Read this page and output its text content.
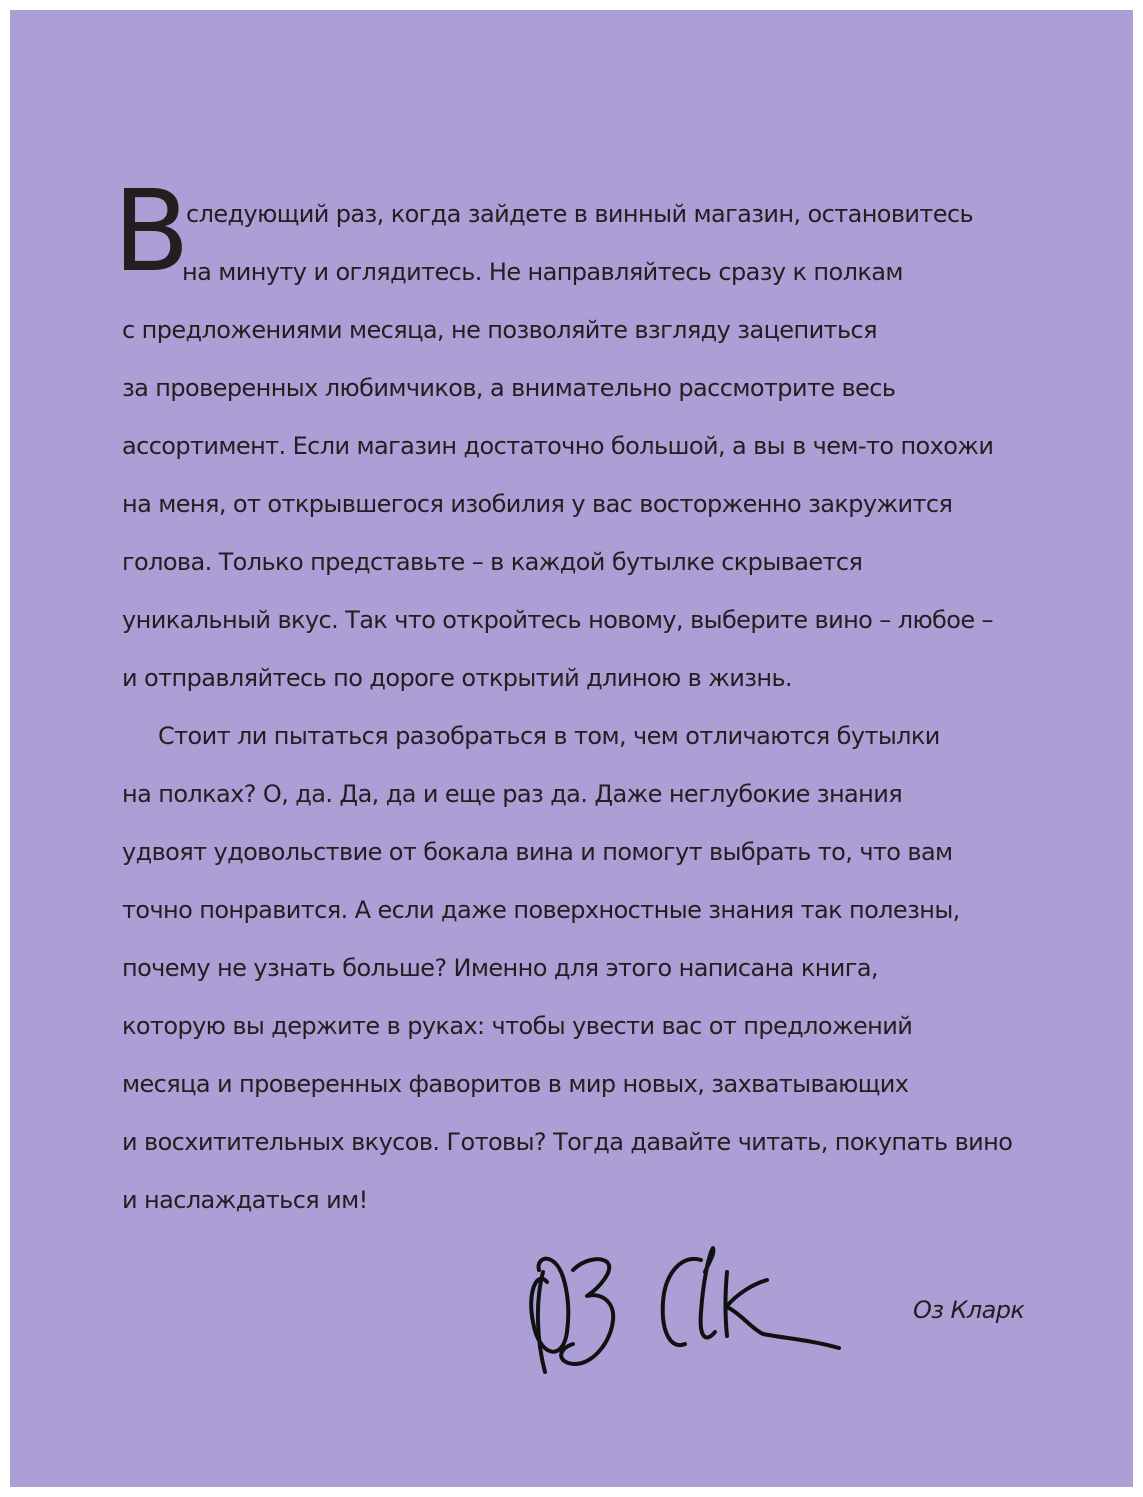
В

следующий раз, когда зайдете в винный магазин, остановитесь

на минуту и оглядитесь. Не направляйтесь сразу к полкам

с предложениями месяца, не позволяйте взгляду зацепиться

за проверенных любимчиков, а внимательно рассмотрите весь

ассортимент. Если магазин достаточно большой, а вы в чем-то похожи

на меня, от открывшегося изобилия у вас восторженно закружится

голова. Только представьте – в каждой бутылке скрывается

уникальный вкус. Так что откройтесь новому, выберите вино – любое –

и отправляйтесь по дороге открытий длиною в жизнь.

Стоит ли пытаться разобраться в том, чем отличаются бутылки

на полках? О, да. Да, да и еще раз да. Даже неглубокие знания

удвоят удовольствие от бокала вина и помогут выбрать то, что вам

точно понравится. А если даже поверхностные знания так полезны,

почему не узнать больше? Именно для этого написана книга,

которую вы держите в руках: чтобы увести вас от предложений

месяца и проверенных фаворитов в мир новых, захватывающих

и восхитительных вкусов. Готовы? Тогда давайте читать, покупать вино

и наслаждаться им!

Оз Кларк
